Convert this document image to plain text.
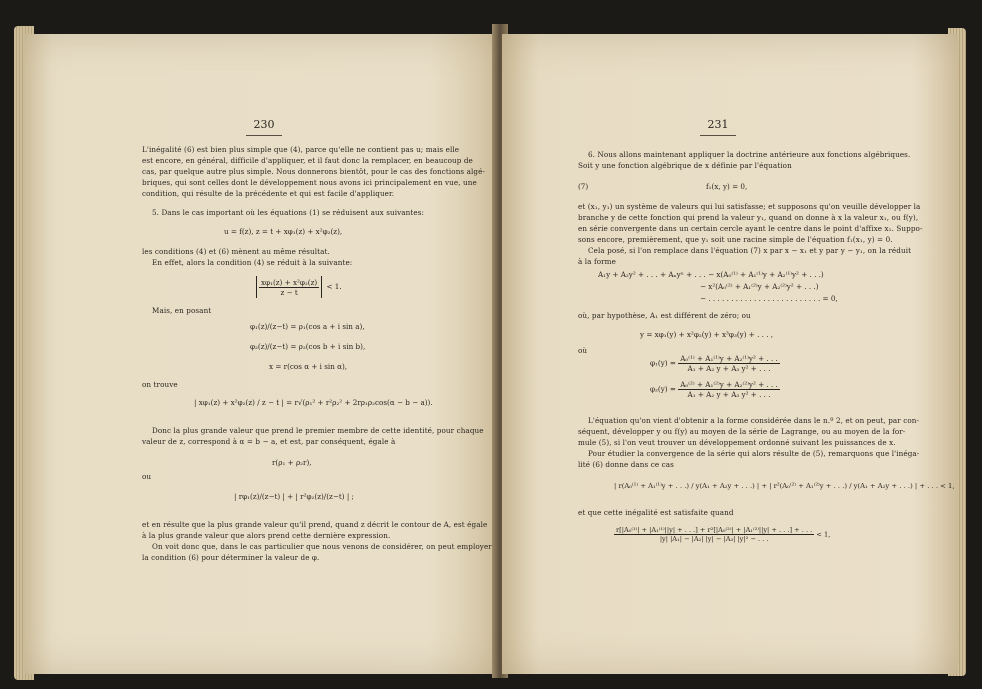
230
L'inégalité (6) est bien plus simple que (4), parce qu'elle ne contient pas u; mais elle
est encore, en général, difficile d'appliquer, et il faut donc la remplacer, en beaucoup de
cas, par quelque autre plus simple. Nous donnerons bientôt, pour le cas des fonctions algé-
briques, qui sont celles dont le développement nous avons ici principalement en vue, une
condition, qui résulte de la précédente et qui est facile d'appliquer.
5. Dans le cas important où les équations (1) se réduisent aux suivantes:
u = f(z), z = t + xφ₁(z) + x²φ₂(z),
les conditions (4) et (6) mènent au même résultat.
En effet, alors la condition (4) se réduit à la suivante:
$\frac{\text{xφ₁(z) + x²φ₂(z)}}{z - t} < 1$.
Mais, en posant
φ₁(z)/(z−t) = ρ₁(cos a + i sin a),
φ₂(z)/(z−t) = ρ₂(cos b + i sin b),
x = r(cos α + i sin α),
on trouve
| xφ₁(z) + x²φ₂(z) / z − t | = r√(ρ₁² + r²ρ₂² + 2rρ₁ρ₂cos(α − b − a)).
Donc la plus grande valeur que prend le premier membre de cette identité, pour chaque
valeur de z, correspond à α = b − a, et est, par conséquent, égale à
r(ρ₁ + ρ₂r),
ou
| rφ₁(z)/(z−t) | + | r²φ₂(z)/(z−t) | ;
et en résulte que la plus grande valeur qu'il prend, quand z décrit le contour de A, est égale
à la plus grande valeur que alors prend cette dernière expression.
On voit donc que, dans le cas particulier que nous venons de considérer, on peut employer
la condition (6) pour déterminer la valeur de φ.
231
6. Nous allons maintenant appliquer la doctrine antérieure aux fonctions algébriques.
Soit y une fonction algébrique de x définie par l'équation
(7)	f₁(x, y) = 0,
et (x₁, y₁) un système de valeurs qui lui satisfasse; et supposons qu'on veuille développer la
branche y de cette fonction qui prend la valeur y₁, quand on donne à x la valeur x₁, ou f(y),
en série convergente dans un certain cercle ayant le centre dans le point d'affixe x₁. Suppo-
sons encore, premièrement, que y₁ soit une racine simple de l'équation f₁(x₁, y) = 0.
Cela posé, si l'on remplace dans l'équation (7) x par x − x₁ et y par y − y₁, on la réduit
à la forme
A₁y + A₂y² + . . . + Aₙyⁿ + . . . − x(A₀⁽¹⁾ + A₁⁽¹⁾y + A₂⁽¹⁾y² + . . .)
− x²(A₀⁽²⁾ + A₁⁽²⁾y + A₂⁽²⁾y² + . . .)
− . . . . . . . . . . . . . . . . . . . . . . . . . = 0,
où, par hypothèse, A₁ est différent de zéro; ou
y = xφ₁(y) + x²φ₂(y) + x³φ₃(y) + . . . ,
où
$\varphi_1(y) = \frac{\text{A₀⁽¹⁾ + A₁⁽¹⁾y + A₂⁽¹⁾y² + . . .}}{\text{A₁ + A₂ y + A₃ y² + . . .}}$
$\varphi_2(y) = \frac{\text{A₀⁽²⁾ + A₁⁽²⁾y + A₂⁽²⁾y² + . . .}}{\text{A₁ + A₂ y + A₃ y² + . . .}}$
L'équation qu'on vient d'obtenir a la forme considérée dans le n.º 2, et on peut, par con-
séquent, développer y ou f(y) au moyen de la série de Lagrange, ou au moyen de la for-
mule (5), si l'on veut trouver un développement ordonné suivant les puissances de x.
Pour étudier la convergence de la série qui alors résulte de (5), remarquons que l'inéga-
lité (6) donne dans ce cas
| r(A₀⁽¹⁾ + A₁⁽¹⁾y + . . .) / y(A₁ + A₂y + . . .) | + | r²(A₀⁽²⁾ + A₁⁽²⁾y + . . .) / y(A₁ + A₂y + . . .) | + . . . < 1,
et que cette inégalité est satisfaite quand
r[|A₀⁽¹⁾| + |A₁⁽¹⁾||y| + . . .] + r²[|A₀⁽²⁾| + |A₁⁽²⁾||y| + . . .] + . . .
|y| |A₁| − |A₂| |y| − |A₃| |y|² − . . .
< 1,
